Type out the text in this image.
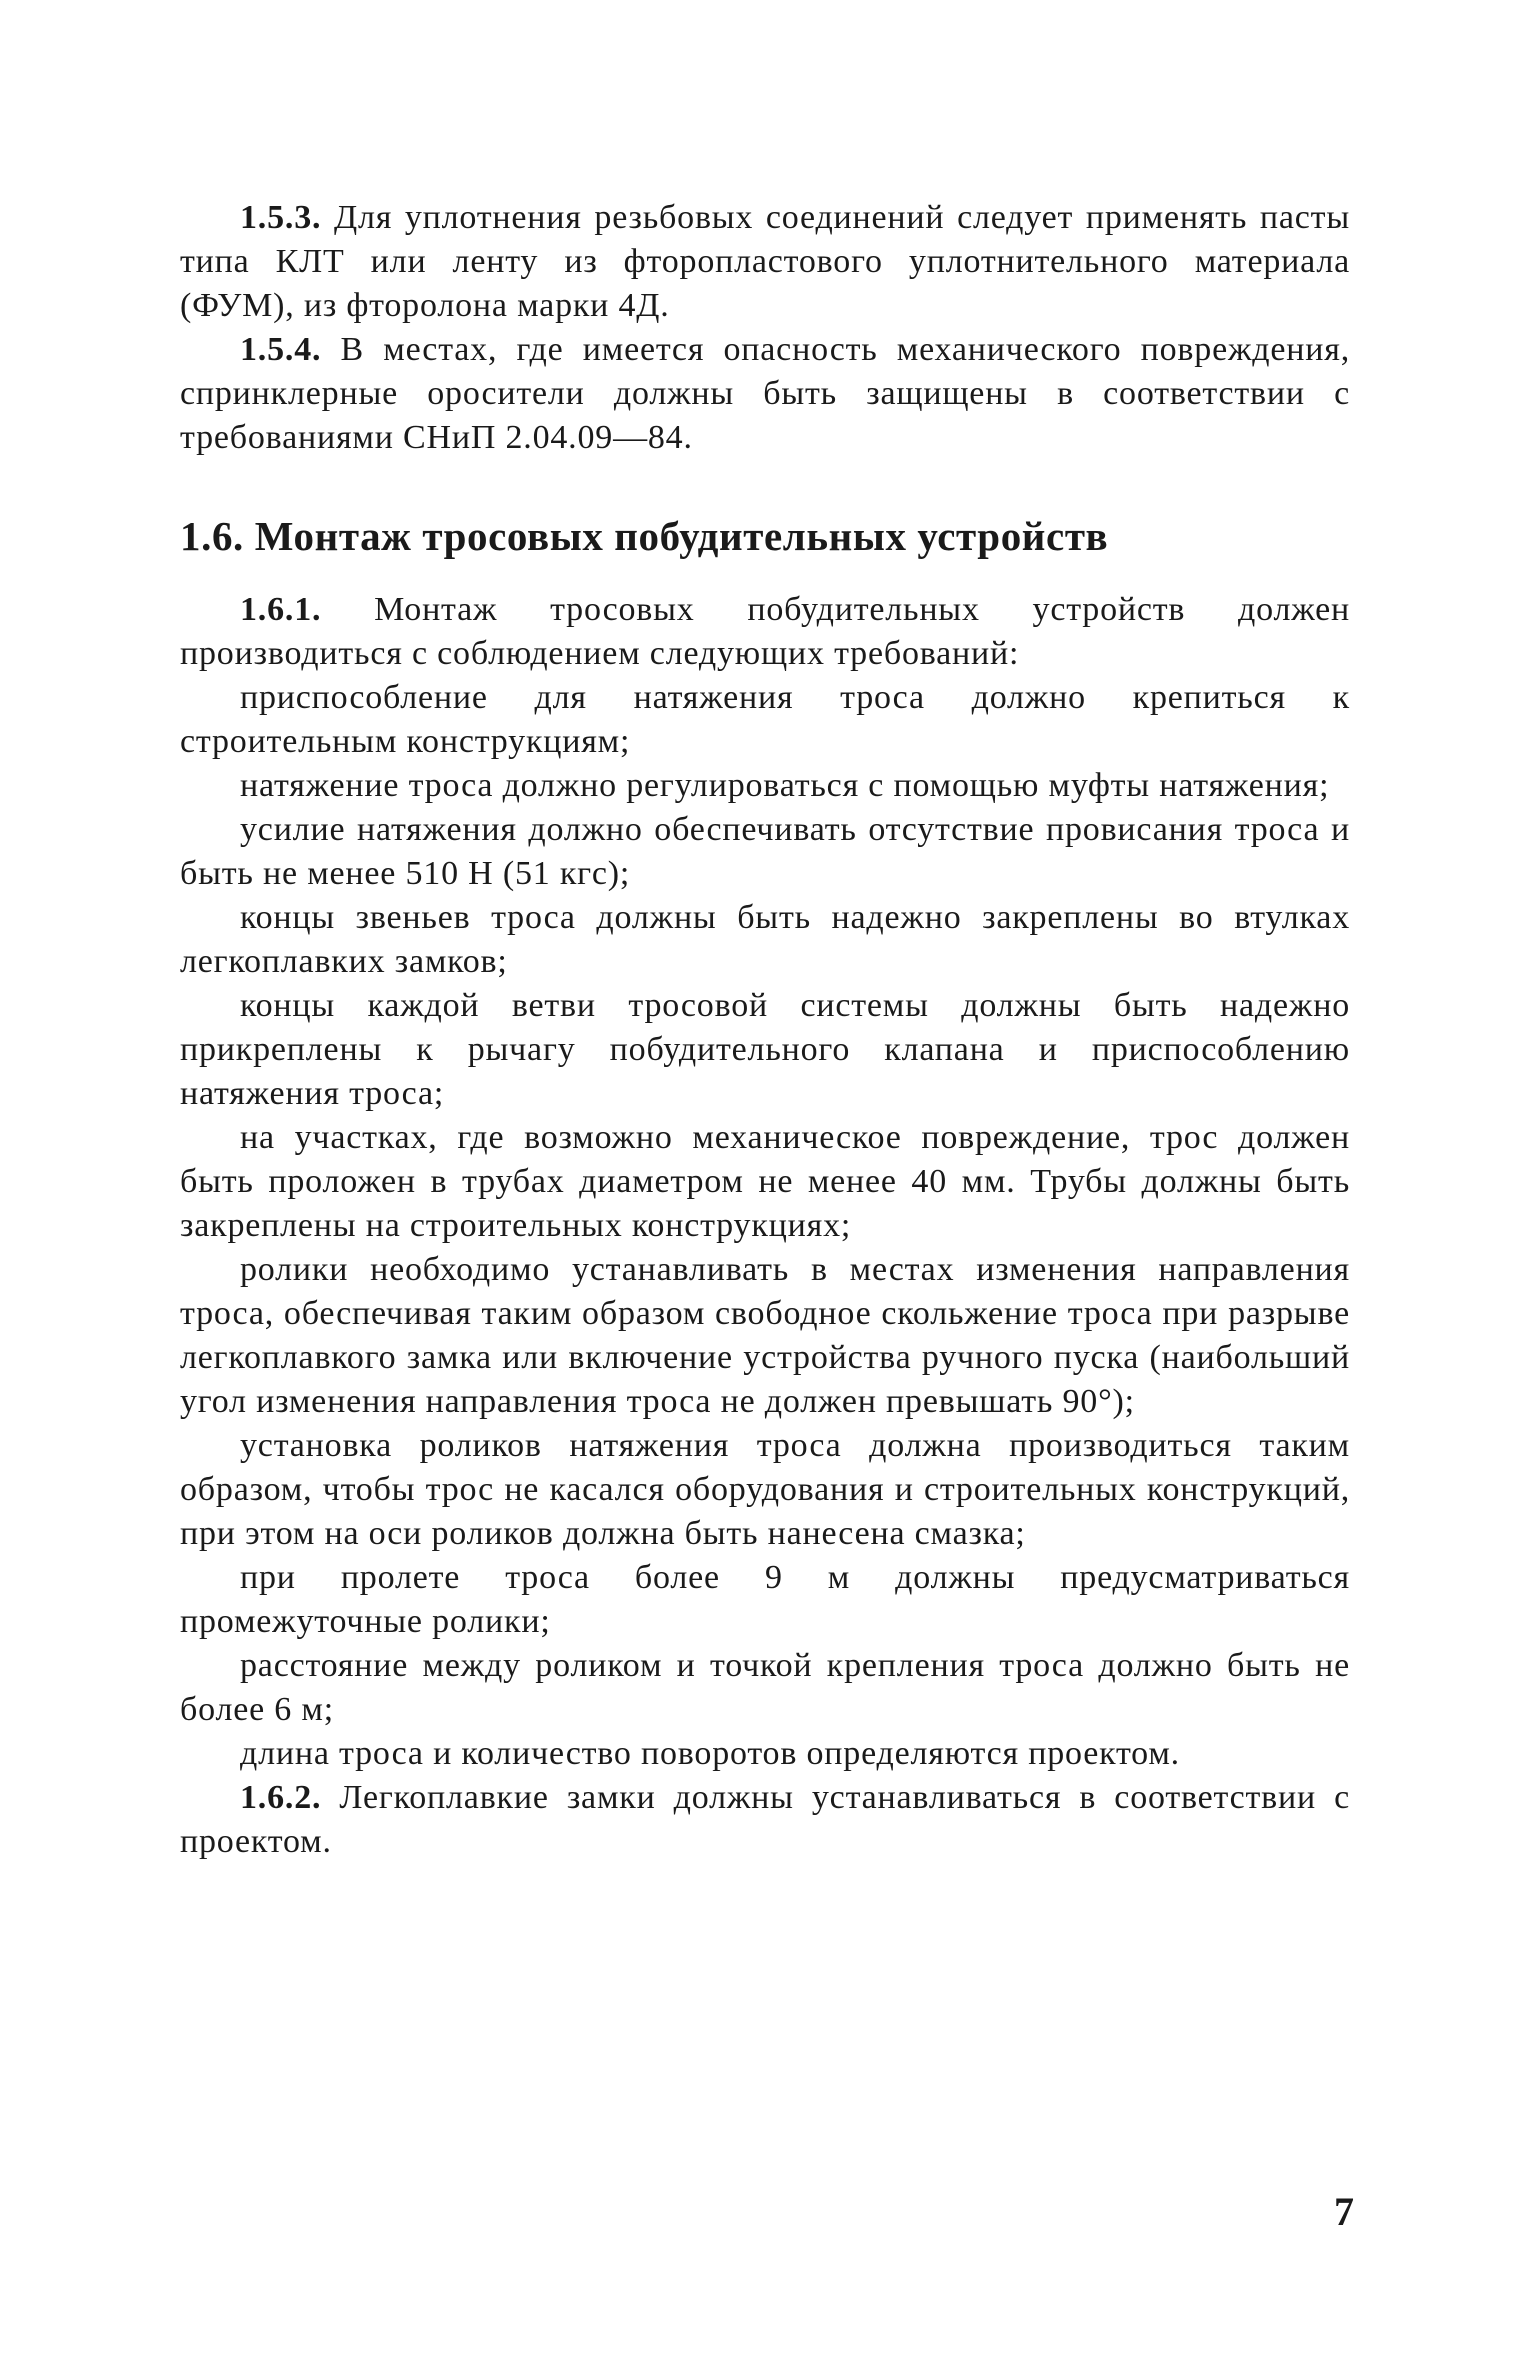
1.5.3. Для уплотнения резьбовых соединений следует применять пасты типа КЛТ или ленту из фторопластового уплотнительного материала (ФУМ), из фторолона марки 4Д.

1.5.4. В местах, где имеется опасность механического повреждения, спринклерные оросители должны быть защищены в соответствии с требованиями СНиП 2.04.09—84.

1.6. Монтаж тросовых побудительных устройств

1.6.1. Монтаж тросовых побудительных устройств должен производиться с соблюдением следующих требований:

приспособление для натяжения троса должно крепиться к строительным конструкциям;

натяжение троса должно регулироваться с помощью муфты натяжения;

усилие натяжения должно обеспечивать отсутствие провисания троса и быть не менее 510 Н (51 кгс);

концы звеньев троса должны быть надежно закреплены во втулках легкоплавких замков;

концы каждой ветви тросовой системы должны быть надежно прикреплены к рычагу побудительного клапана и приспособлению натяжения троса;

на участках, где возможно механическое повреждение, трос должен быть проложен в трубах диаметром не менее 40 мм. Трубы должны быть закреплены на строительных конструкциях;

ролики необходимо устанавливать в местах изменения направления троса, обеспечивая таким образом свободное скольжение троса при разрыве легкоплавкого замка или включение устройства ручного пуска (наибольший угол изменения направления троса не должен превышать 90°);

установка роликов натяжения троса должна производиться таким образом, чтобы трос не касался оборудования и строительных конструкций, при этом на оси роликов должна быть нанесена смазка;

при пролете троса более 9 м должны предусматриваться промежуточные ролики;

расстояние между роликом и точкой крепления троса должно быть не более 6 м;

длина троса и количество поворотов определяются проектом.

1.6.2. Легкоплавкие замки должны устанавливаться в соответствии с проектом.

7
